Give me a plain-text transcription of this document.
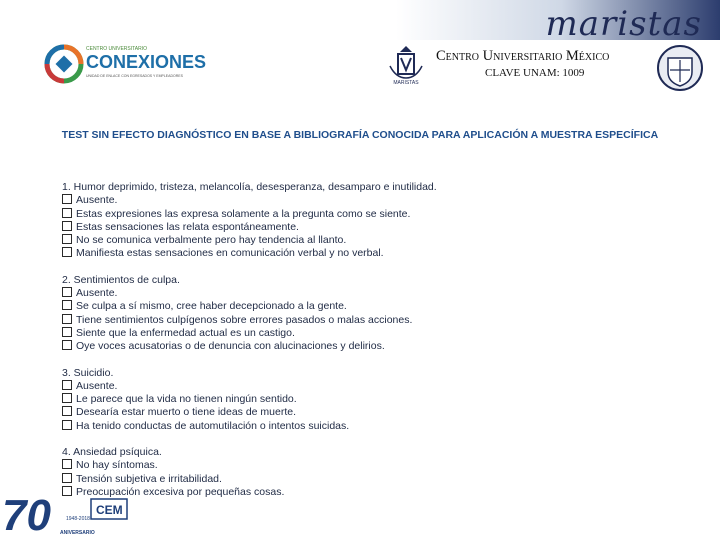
maristas
CENTRO UNIVERSITARIO
CONEXIONES
UNIDAD DE ENLACE CON EGRESADOS Y EMPLEADORES
MARISTAS
Centro Universitario México
CLAVE UNAM: 1009
TEST SIN EFECTO DIAGNÓSTICO EN BASE A BIBLIOGRAFÍA CONOCIDA PARA APLICACIÓN A MUESTRA ESPECÍFICA
1. Humor deprimido, tristeza, melancolía, desesperanza, desamparo e inutilidad.
Ausente.
Estas expresiones las expresa solamente a la pregunta como se siente.
Estas sensaciones las relata espontáneamente.
No se comunica verbalmente pero hay tendencia al llanto.
Manifiesta estas sensaciones en comunicación verbal y no verbal.
2. Sentimientos de culpa.
Ausente.
Se culpa a sí mismo, cree haber decepcionado a la gente.
Tiene sentimientos culpígenos sobre errores pasados o malas acciones.
Siente que la enfermedad actual es un castigo.
Oye voces acusatorias o de denuncia con alucinaciones y delirios.
3. Suicidio.
Ausente.
Le parece que la vida no tienen ningún sentido.
Desearía estar muerto o tiene ideas de muerte.
Ha tenido conductas de automutilación o intentos suicidas.
4. Ansiedad psíquica.
No hay síntomas.
Tensión subjetiva e irritabilidad.
Preocupación excesiva por pequeñas cosas.
70	1948-2018
ANIVERSARIO
CEM
